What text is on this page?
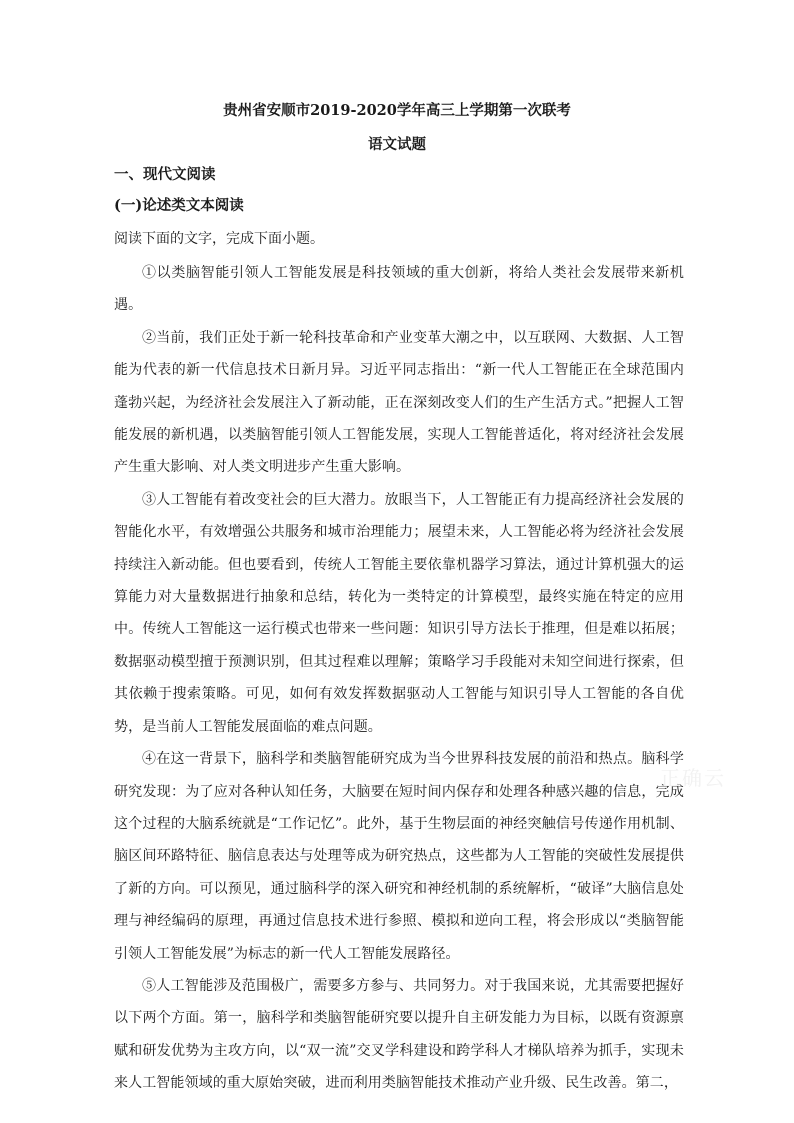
贵州省安顺市2019-2020学年高三上学期第一次联考
语文试题
一、现代文阅读
(一)论述类文本阅读
阅读下面的文字，完成下面小题。

①以类脑智能引领人工智能发展是科技领域的重大创新，将给人类社会发展带来新机遇。

②当前，我们正处于新一轮科技革命和产业变革大潮之中，以互联网、大数据、人工智能为代表的新一代信息技术日新月异。习近平同志指出：“新一代人工智能正在全球范围内蓬勃兴起，为经济社会发展注入了新动能，正在深刻改变人们的生产生活方式。”把握人工智能发展的新机遇，以类脑智能引领人工智能发展，实现人工智能普适化，将对经济社会发展产生重大影响、对人类文明进步产生重大影响。

③人工智能有着改变社会的巨大潜力。放眼当下，人工智能正有力提高经济社会发展的智能化水平，有效增强公共服务和城市治理能力；展望未来，人工智能必将为经济社会发展持续注入新动能。但也要看到，传统人工智能主要依靠机器学习算法，通过计算机强大的运算能力对大量数据进行抽象和总结，转化为一类特定的计算模型，最终实施在特定的应用中。传统人工智能这一运行模式也带来一些问题：知识引导方法长于推理，但是难以拓展；数据驱动模型擅于预测识别，但其过程难以理解；策略学习手段能对未知空间进行探索，但其依赖于搜索策略。可见，如何有效发挥数据驱动人工智能与知识引导人工智能的各自优势，是当前人工智能发展面临的难点问题。

④在这一背景下，脑科学和类脑智能研究成为当今世界科技发展的前沿和热点。脑科学研究发现：为了应对各种认知任务，大脑要在短时间内保存和处理各种感兴趣的信息，完成这个过程的大脑系统就是“工作记忆”。此外，基于生物层面的神经突触信号传递作用机制、脑区间环路特征、脑信息表达与处理等成为研究热点，这些都为人工智能的突破性发展提供了新的方向。可以预见，通过脑科学的深入研究和神经机制的系统解析，“破译”大脑信息处理与神经编码的原理，再通过信息技术进行参照、模拟和逆向工程，将会形成以“类脑智能引领人工智能发展”为标志的新一代人工智能发展路径。

⑤人工智能涉及范围极广，需要多方参与、共同努力。对于我国来说，尤其需要把握好以下两个方面。第一，脑科学和类脑智能研究要以提升自主研发能力为目标，以既有资源禀赋和研发优势为主攻方向，以“双一流”交叉学科建设和跨学科人才梯队培养为抓手，实现未来人工智能领域的重大原始突破，进而利用类脑智能技术推动产业升级、民生改善。第二，

正确云
